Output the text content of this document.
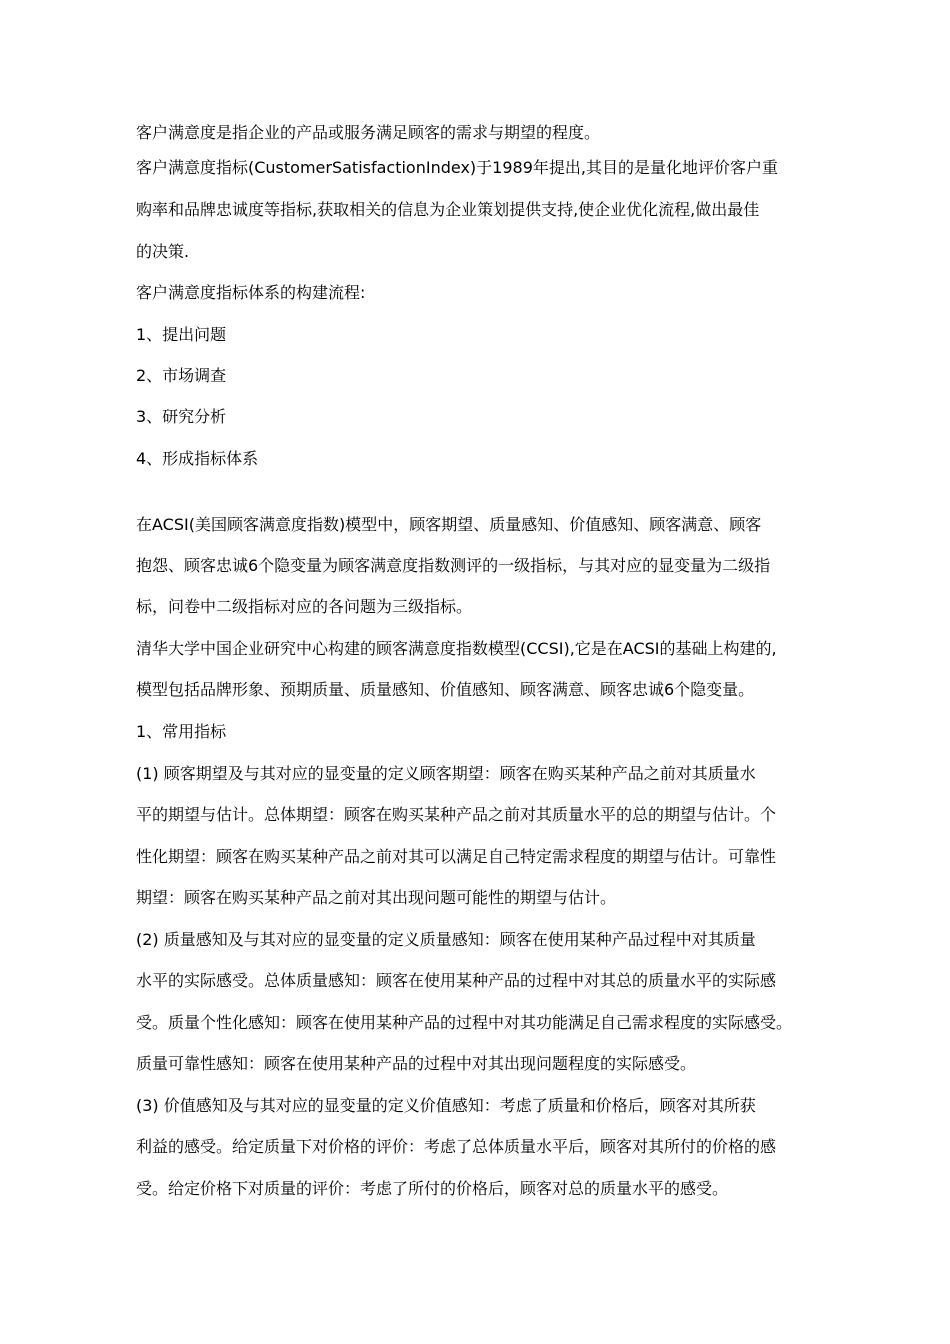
客户满意度是指企业的产品或服务满足顾客的需求与期望的程度。
客户满意度指标(CustomerSatisfactionIndex)于1989年提出,其目的是量化地评价客户重
购率和品牌忠诚度等指标,获取相关的信息为企业策划提供支持,使企业优化流程,做出最佳
的决策.
客户满意度指标体系的构建流程:
1、提出问题
2、市场调查
3、研究分析
4、形成指标体系
在ACSI(美国顾客满意度指数)模型中，顾客期望、质量感知、价值感知、顾客满意、顾客
抱怨、顾客忠诚6个隐变量为顾客满意度指数测评的一级指标，与其对应的显变量为二级指
标，问卷中二级指标对应的各问题为三级指标。
清华大学中国企业研究中心构建的顾客满意度指数模型(CCSI),它是在ACSI的基础上构建的,
模型包括品牌形象、预期质量、质量感知、价值感知、顾客满意、顾客忠诚6个隐变量。
1、常用指标
(1) 顾客期望及与其对应的显变量的定义顾客期望：顾客在购买某种产品之前对其质量水
平的期望与估计。总体期望：顾客在购买某种产品之前对其质量水平的总的期望与估计。个
性化期望：顾客在购买某种产品之前对其可以满足自己特定需求程度的期望与估计。可靠性
期望：顾客在购买某种产品之前对其出现问题可能性的期望与估计。
(2) 质量感知及与其对应的显变量的定义质量感知：顾客在使用某种产品过程中对其质量
水平的实际感受。总体质量感知：顾客在使用某种产品的过程中对其总的质量水平的实际感
受。质量个性化感知：顾客在使用某种产品的过程中对其功能满足自己需求程度的实际感受。
质量可靠性感知：顾客在使用某种产品的过程中对其出现问题程度的实际感受。
(3) 价值感知及与其对应的显变量的定义价值感知：考虑了质量和价格后，顾客对其所获
利益的感受。给定质量下对价格的评价：考虑了总体质量水平后，顾客对其所付的价格的感
受。给定价格下对质量的评价：考虑了所付的价格后，顾客对总的质量水平的感受。
